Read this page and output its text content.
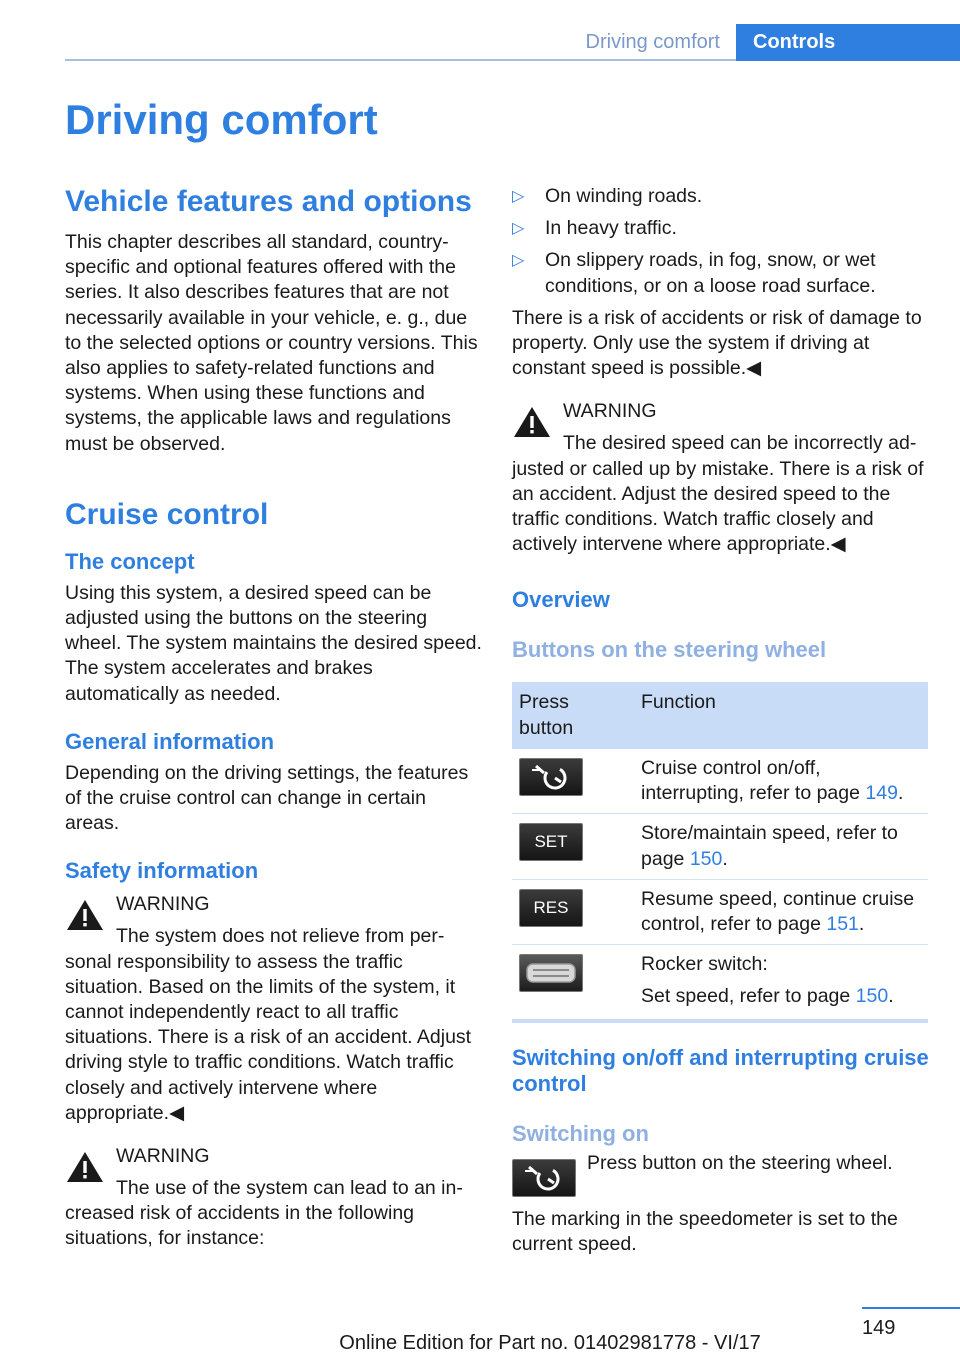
Driving comfort	Controls
Driving comfort
Vehicle features and options

This chapter describes all standard, country-specific and optional features offered with the series. It also describes features that are not necessarily available in your vehicle, e. g., due to the selected options or country versions. This also applies to safety-related functions and systems. When using these functions and systems, the applicable laws and regulations must be observed.

Cruise control
The concept

Using this system, a desired speed can be adjusted using the buttons on the steering wheel. The system maintains the desired speed. The system accelerates and brakes automatically as needed.

General information

Depending on the driving settings, the features of the cruise control can change in certain areas.

Safety information
WARNING
The system does not relieve from per-

sonal responsibility to assess the traffic situation. Based on the limits of the system, it cannot independently react to all traffic situations. There is a risk of an accident. Adjust driving style to traffic conditions. Watch traffic closely and actively intervene where appropriate.◀

WARNING
The use of the system can lead to an in-

creased risk of accidents in the following situations, for instance:

▷ On winding roads.
▷ In heavy traffic.
▷ On slippery roads, in fog, snow, or wet conditions, or on a loose road surface.

There is a risk of accidents or risk of damage to property. Only use the system if driving at constant speed is possible.◀

WARNING
The desired speed can be incorrectly ad-

justed or called up by mistake. There is a risk of an accident. Adjust the desired speed to the traffic conditions. Watch traffic closely and actively intervene where appropriate.◀

Overview
Buttons on the steering wheel
Press button	Function

	Cruise control on/off, interrupting, refer to page 149.

SET	Store/maintain speed, refer to page 150.

RES	Resume speed, continue cruise control, refer to page 151.

Rocker switch:
Set speed, refer to page 150.
Switching on/off and interrupting cruise control
Switching on

Press button on the steering wheel.

The marking in the speedometer is set to the current speed.

149
Online Edition for Part no. 01402981778 - VI/17
